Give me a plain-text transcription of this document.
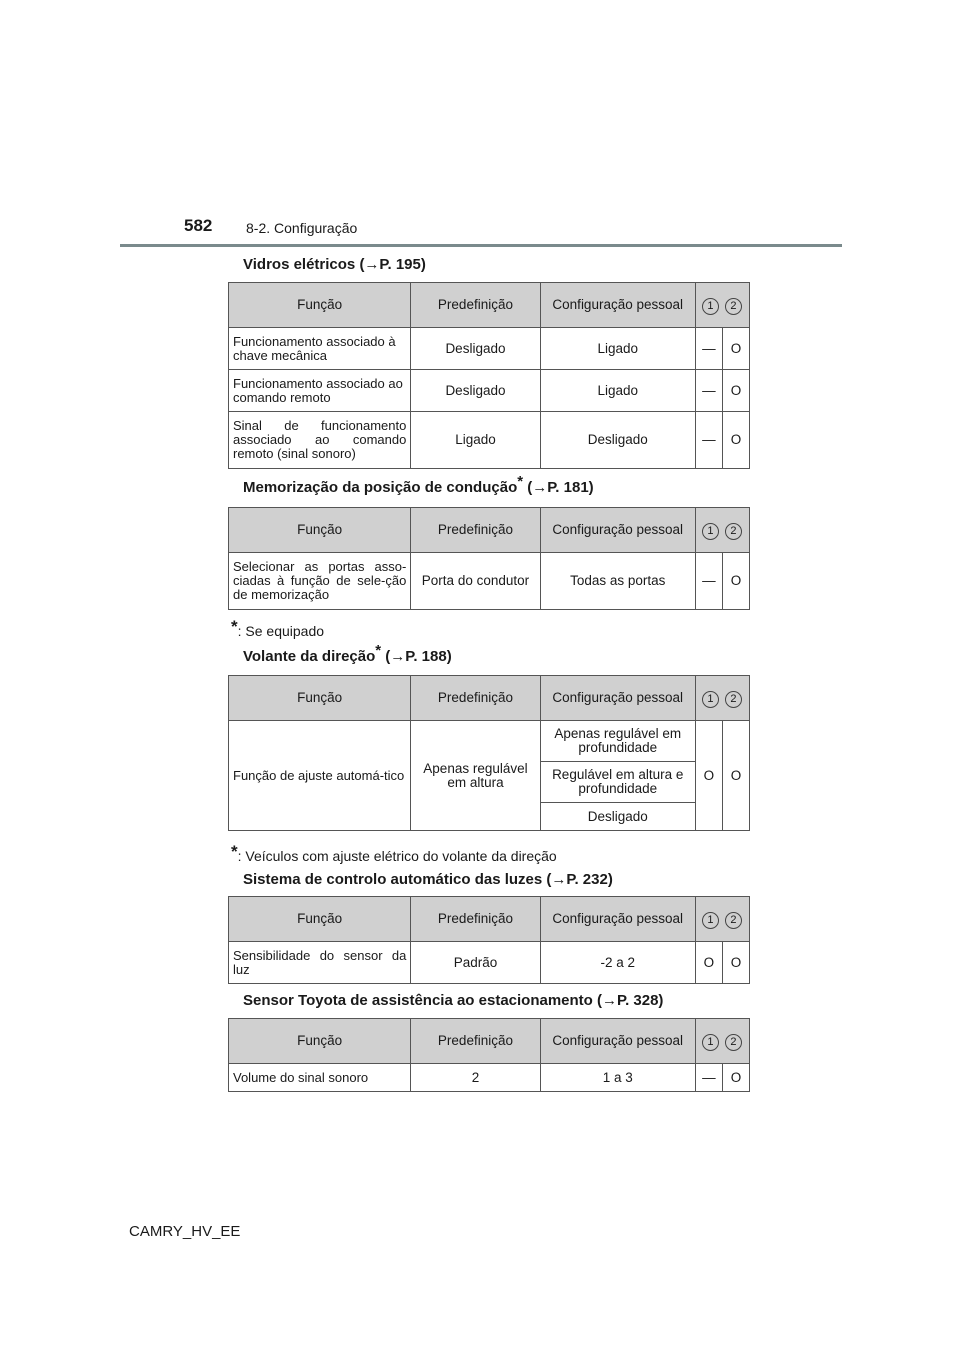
582 8-2. Configuração
Vidros elétricos (→P. 195)
Função	Predefinição	Configuração pessoal	1 2	
Funcionamento associado à chave mecânica	Desligado	Ligado	—	O
Funcionamento associado ao comando remoto	Desligado	Ligado	—	O
Sinal de funcionamento associado ao comando remoto (sinal sonoro)	Ligado	Desligado	—	O
Memorização da posição de condução* (→P. 181)
Função	Predefinição	Configuração pessoal	1 2	
Selecionar as portas asso-ciadas à função de sele-ção de memorização	Porta do condutor	Todas as portas	—	O
*: Se equipado
Volante da direção* (→P. 188)
Função	Predefinição	Configuração pessoal	1 2	
Função de ajuste automá-tico	Apenas regulável em altura	Apenas regulável em profundidade	O	O
		Regulável em altura e profundidade		
		Desligado		
*: Veículos com ajuste elétrico do volante da direção
Sistema de controlo automático das luzes (→P. 232)
Função	Predefinição	Configuração pessoal	1 2	
Sensibilidade do sensor da luz	Padrão	-2 a 2	O	O
Sensor Toyota de assistência ao estacionamento (→P. 328)
Função	Predefinição	Configuração pessoal	1 2	
Volume do sinal sonoro	2	1 a 3	—	O
CAMRY_HV_EE
